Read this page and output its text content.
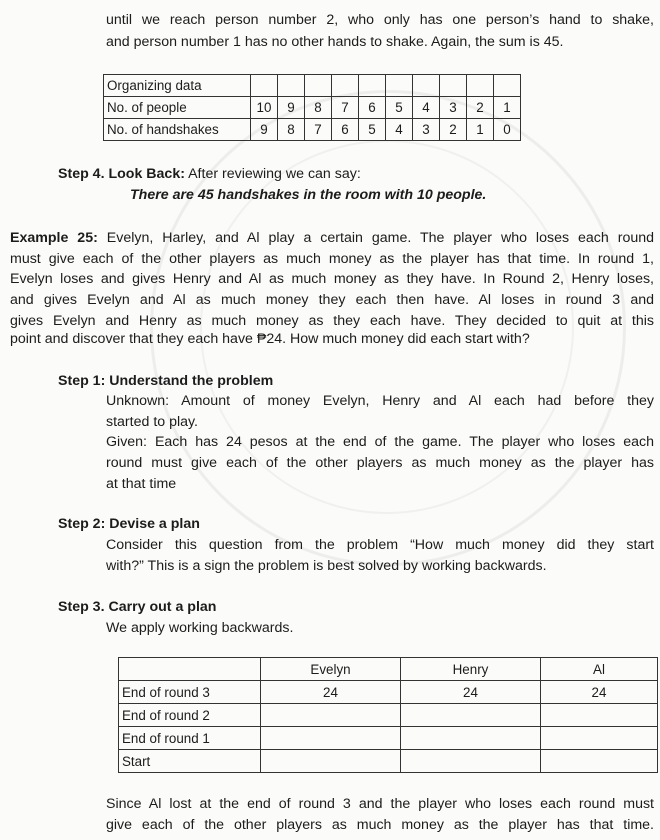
until we reach person number 2, who only has one person’s hand to shake,
and person number 1 has no other hands to shake. Again, the sum is 45.
Organizing data										
No. of people	10	9	8	7	6	5	4	3	2	1
No. of handshakes	9	8	7	6	5	4	3	2	1	0
Step 4. Look Back: After reviewing we can say:
There are 45 handshakes in the room with 10 people.
Example 25: Evelyn, Harley, and Al play a certain game. The player who loses each round
must give each of the other players as much money as the player has that time. In round 1,
Evelyn loses and gives Henry and Al as much money as they have. In Round 2, Henry loses,
and gives Evelyn and Al as much money they each then have. Al loses in round 3 and
gives Evelyn and Henry as much money as they each have. They decided to quit at this
point and discover that they each have ₱24. How much money did each start with?
Step 1: Understand the problem
Unknown: Amount of money Evelyn, Henry and Al each had before they
started to play.
Given: Each has 24 pesos at the end of the game. The player who loses each
round must give each of the other players as much money as the player has
at that time
Step 2: Devise a plan
Consider this question from the problem “How much money did they start
with?” This is a sign the problem is best solved by working backwards.
Step 3. Carry out a plan
We apply working backwards.
	Evelyn	Henry	Al
End of round 3	24	24	24
End of round 2			
End of round 1			
Start			
Since Al lost at the end of round 3 and the player who loses each round must
give each of the other players as much money as the player has that time.
